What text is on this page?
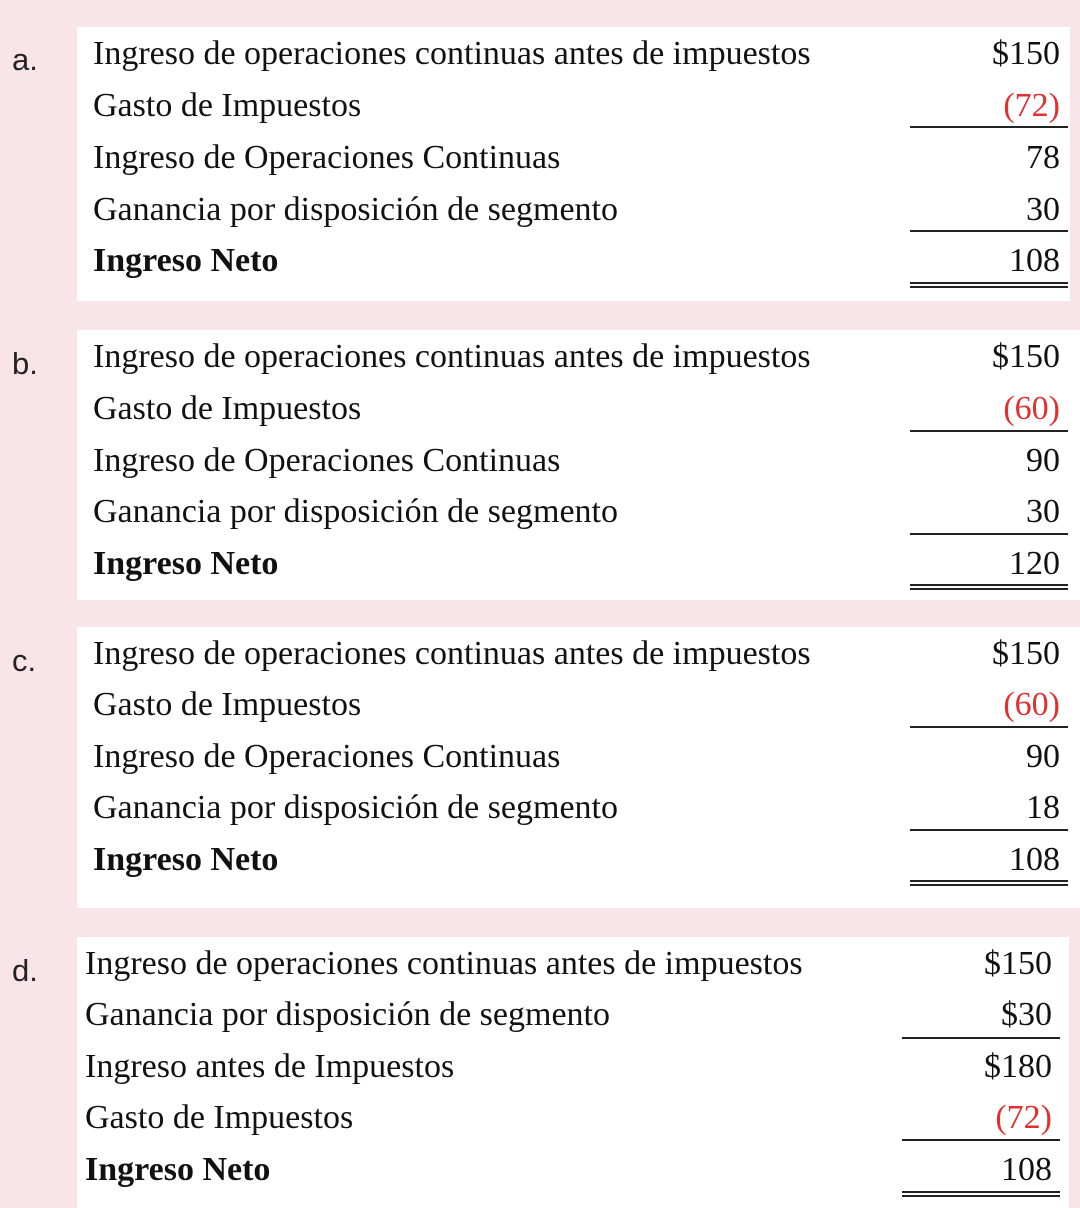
a. Ingreso de operaciones continuas antes de impuestos	$150
Gasto de Impuestos	(72)
Ingreso de Operaciones Continuas	78
Ganancia por disposición de segmento	30
Ingreso Neto	108
b. Ingreso de operaciones continuas antes de impuestos	$150
Gasto de Impuestos	(60)
Ingreso de Operaciones Continuas	90
Ganancia por disposición de segmento	30
Ingreso Neto	120
c. Ingreso de operaciones continuas antes de impuestos	$150
Gasto de Impuestos	(60)
Ingreso de Operaciones Continuas	90
Ganancia por disposición de segmento	18
Ingreso Neto	108
d. Ingreso de operaciones continuas antes de impuestos	$150
Ganancia por disposición de segmento	$30
Ingreso antes de Impuestos	$180
Gasto de Impuestos	(72)
Ingreso Neto	108
